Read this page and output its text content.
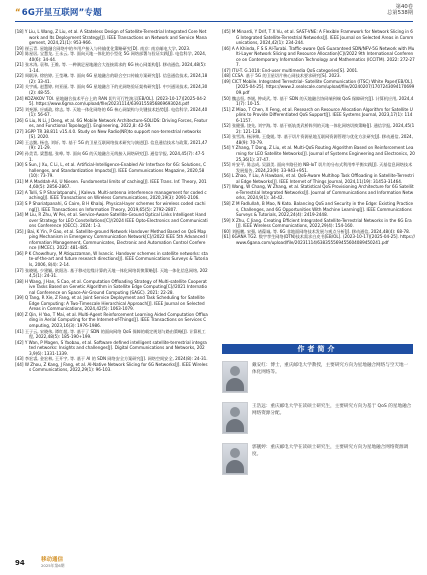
“6G开星互联网”专题
第40卷
总第538期

[18] Y Liu, L Wang, Z Liu, et al. A Stateless Design of Satellite-Terrestrial Integrated Core Network and Its Deployment Strategy[J]. IEEE Transactions on Network and Service Management, 2024,21(1): 953-966.

[19] 崔云青. 星地融合网络中的多用户接入与传输优化策略研究[D]. 南京: 南京邮电大学, 2023.

[20] 陈星居, 宝慧龙, 王永云, 等. 面向天地一体化的小型化 5G 网络部署与验证实践[J]. 电信科学, 2024,40(6): 34-44.

[21] 张木涛, 袁和, 王维, 等. 一种满足星地融合大连接需求的 6G 核心网架构[J]. 移动通信, 2024,48(5): 1-14.

[22] 周联泽, 徐怡婷, 王莹琳, 等. 面向 6G 星地融合的联合空口传输方案研究[J]. 信息通信技术, 2024,18(2): 33-41.

[23] 关宇威, 赵慧婷, 何亚丽, 等. 面向 6G 星地融合下的光网络验证架构研究[J]. 中兴通讯技术, 2024,30(2): 48-55.

[24] KOZAKOV TOI. 星地融合技术平台上的 RAN 切片可行性演示[EB/OL]. (2023-10-17)[2025-04-25]. https://www.6gma.com/upload/file/20231114/6393155856869693024.pdf

[25] 刘充源, 应威政, 徐志, 等. 天地一体化网络的 6G 核心网架构与关键技术趋势[J]. 电信科学, 2024,40(1): 56-67.

[26] G Liu, N Li, J Deng, et al. 6G Mobile Network Architecture-SOLIDS: Driving Forces, Features, and Functional Topology[J]. Engineering, 2022,8: 42-59.

[27] 3GPP TR 38.811 v15.4.0. Study on New Radio(NR)to support non-terrestrial networks[S]. 2020.

[28] 王志勤, 杨也, 刘轩, 等. 基于 5G 的卫星互联网络技术研究与演进[J]. 信息通信技术与政策, 2021,47(9): 21-29.

[29] 孙美青, 梁慧超, 张峥, 等. 面向 6G 的天地融合无线接入网络研究[J]. 通信学报, 2024,45(7): 47-51.

[30] S Sun, J Xu, C Li, L, et al. Artificial-Intelligence-Enabled Air Interface for 6G: Solutions, Challenges, and Standardization Impacts[J]. IEEE Communications Magazine, 2020,58(10): 73-79.

[31] M A Maddah-Ali, U Niesen. Fundamental limits of caching[J]. IEEE Trans. Inf. Theory, 2014,60(5): 2856-2867.

[32] A Tolli, S P Shariatpanahi, J Kaleva. Multi-antenna interference management for coded caching[J]. IEEE Transactions on Wireless Communications, 2020,19(3): 2091-2106.

[33] S P Shariatpanahi, G Caire, B H Khalaj. Physical-layer schemes for wireless coded caching[J]. IEEE Transactions on Information Theory, 2019,65(5): 2792-2807.

[34] M Liu, R Zhu, W Pei, et al. Service-Aware Satellite-Ground Optical Links Intelligent Handover Strategy for LEO Constellations[C]//2024 IEEE Opto-Electronics and Communications Conference (OECC). 2024: 1-3.

[35] J Bai, K Yin, P Gao, et al. Satellite-ground Network Handover Method Based on QoS Mapping Mechanism in Emergency Communication Network[C]//2022 IEEE 5th Advanced Information Management, Communicates, Electronic and Automation Control Conference (IMCEC). 2022: 481-485.

[36] P K Chowdhury, M Atiquzzaman, W Ivancic. Handover schemes in satellite networks: state-of-the-art and future research directions[J]. IEEE Communications Surveys & Tutorials, 2006, 8(4): 2-14.

[37] 张晓媛, 少建颖, 欧阳洁. 基于移动边缘计算的天地一体化网络切换策略[J]. 天地一体化信息网络, 2024,5(1): 24-31.

[38] H Wang, J Han, S Cao, et al. Computation Offloading Strategy of Multi-satellite Cooperative Tasks Based on Genetic Algorithm in Satellite Edge Computing[C]//2021 International Conference on Space-Air-Ground Computing (SAGC). 2021: 22-28.

[39] Q Tang, R Xie, Z Fang, et al. Joint Service Deployment and Task Scheduling for Satellite Edge Computing: A Two-Timescale Hierarchical Approach[J]. IEEE Journal on Selected Areas in Communications, 2024,42(5): 1063-1079.

[40] Z Qin, H Yao, T Mai, et al. Multi-Agent Reinforcement Learning Aided Computation Offloading in Aerial Computing for the Internet-of-Things[J]. IEEE Transactions on Services Computing, 2023,16(3): 1976-1986.

[41] 王子云, 宋晓伟, 谭红超, 等. 基于了 SDN 的面向网络 QoS 保障的载定规划与路由策略[J]. 计算机工程, 2022,48(5): 185-190+199.

[42] Y Wan, P Magen, S Yaobau, et al. Software defined intelligent satellite-terrestrial integrated networks: Insights and challenges[J]. Digital Communications and Networks, 2023,9(6): 1331-1339.

[43] 李宏睿, 金宏林, 王开宇, 等. 基于 AI 的 SDN 网络安全方案研究[J]. 网络空间安全, 2024(8): 24-31.

[44] W Zhou, Z Kang, J Fang, et al. AI-Native Network Slicing for 6G Networks[J]. IEEE Wireless Communications, 2022,29(1): 96-103.

[45] M Minardi, Y Drif, T X Vu, et al. SAST-VNE: A Flexible Framework for Network Slicing in 6G Integrated Satellite-Terrestrial Networks[J]. IEEE Journal on Selected Areas in Communications, 2024,42(1): 234-244.

[46] A A Khinda, F S S Al-Turabi. Traffic-aware QoS Guaranteed SDN/NFV-5G Network with Multi-Layer Network Slicing and Resource Allocation[C]//2022 9th International Conference on Contemporary Information Technology and Mathematics (ICCITM). 2022: 272-277.

[47] ITU-T. G.1010: End-user multimedia QoS categories[S]. 2001.

[48] CCSA. 基于 5G 的卫星切片核心网技术要求研究[S]. 2023.

[49] CICT Mobile. Integrated Terrestrial- Satellite Communication (ITSC) White Paper[EB/OL]. [2025-04-25]. https://www.2.sealscale.com/upload/file/20240207/170724309417069909.pdf

[50] 魏志恒, 李媛, 钟成武, 等. 基于 SDN 的天地融合协同端到端 QoS 保障研究[J]. 计算机应用, 2024,41(7): 10-15.

[51] Z Miao, T Chen, X Feng, et al. Research on Resource Allocation Algorithm for Satellite Uplink to Provide Differentiated QoS Support[J]. IEEE Systems Journal, 2023,17(1): 1146-1157.

[52] 张健强, 饶先, 刘宇海, 等. 基于低轨类武桥阵列的天地一体化网络切换策略[J]. 通信学报, 2024,45(12): 121-128.

[53] 张雪涛, 杨泽帅, 王俊媛, 等. 基于切片资源星地互联网资源管理与优化方法研究[J]. 移动通信, 2024,48(9): 70-79.

[54] Y Zhang, T Dong, Z Liu, et al. Multi-QoS Routing Algorithm Based on Reinforcement Learning for LEO Satellite Networks[J]. Journal of Systems Engineering and Electronics, 2025,36(1): 37-47.

[55] 叶安平, 陈志成, 吴淑美. 面向多路径的 NB-IoT 切片的分布式利用率平衡实践[J]. 天基信息网络技术发展报告, 2024,23(9): 33-943+951.

[56] L Zhao, Y Liu, A Hawbani, et al. QoS-Aware Multihop Task Offloading in Satellite-Terrestrial Edge Networks[J]. IEEE Internet of Things Journal, 2024,11(19): 31453-31464.

[57] Wang, W Chang, W Zhang, et al. Statistical QoS Provisioning Architecture for 6G Satellite-Terrestrial Integrated Networks[J]. Journal of Communications and Information Networks, 2024,9(1): 34-42.

[58] Z M Fadlullah, B Mao, N Kato. Balancing QoS and Security in the Edge: Existing Practices, Challenges, and 6G Opportunities With Machine Learning[J]. IEEE Communications Surveys & Tutorials, 2022,24(4): 2419-2448.

[59] X Zhu, C Jiang. Creating Efficient Integrated Satellite-Terrestrial Networks in the 6G Era[J]. IEEE Wireless Communications, 2022,29(4): 154-160.

[60] 刘振鹏, 宋强, 诸葆诚, 等. 6G 非地面网络技术发展与观点分析[J]. 移动通信, 2024,48(4): 68-78.

[61] 6GANA TG2. 数字孪生网络(DTN)技术需求白皮书[EB/OL]. (2023-10-17)[2025-04-25]. https://www.6gana.com/upload/file/20231114/638355569455604089450241.pdf

作者简介
戴安红：博士，重庆邮电大学教授，主要研究方向为星地融合网络与空天地一体化网络等。
王浩远：重庆邮电大学在读硕士研究生，主要研究方向为基于 QoS 的星地融合网络资源分配。
郭靓婷：重庆邮电大学在读硕士研究生，主要研究方向为星地融合网络资源调度。
94	移动通信
2025年第6期
